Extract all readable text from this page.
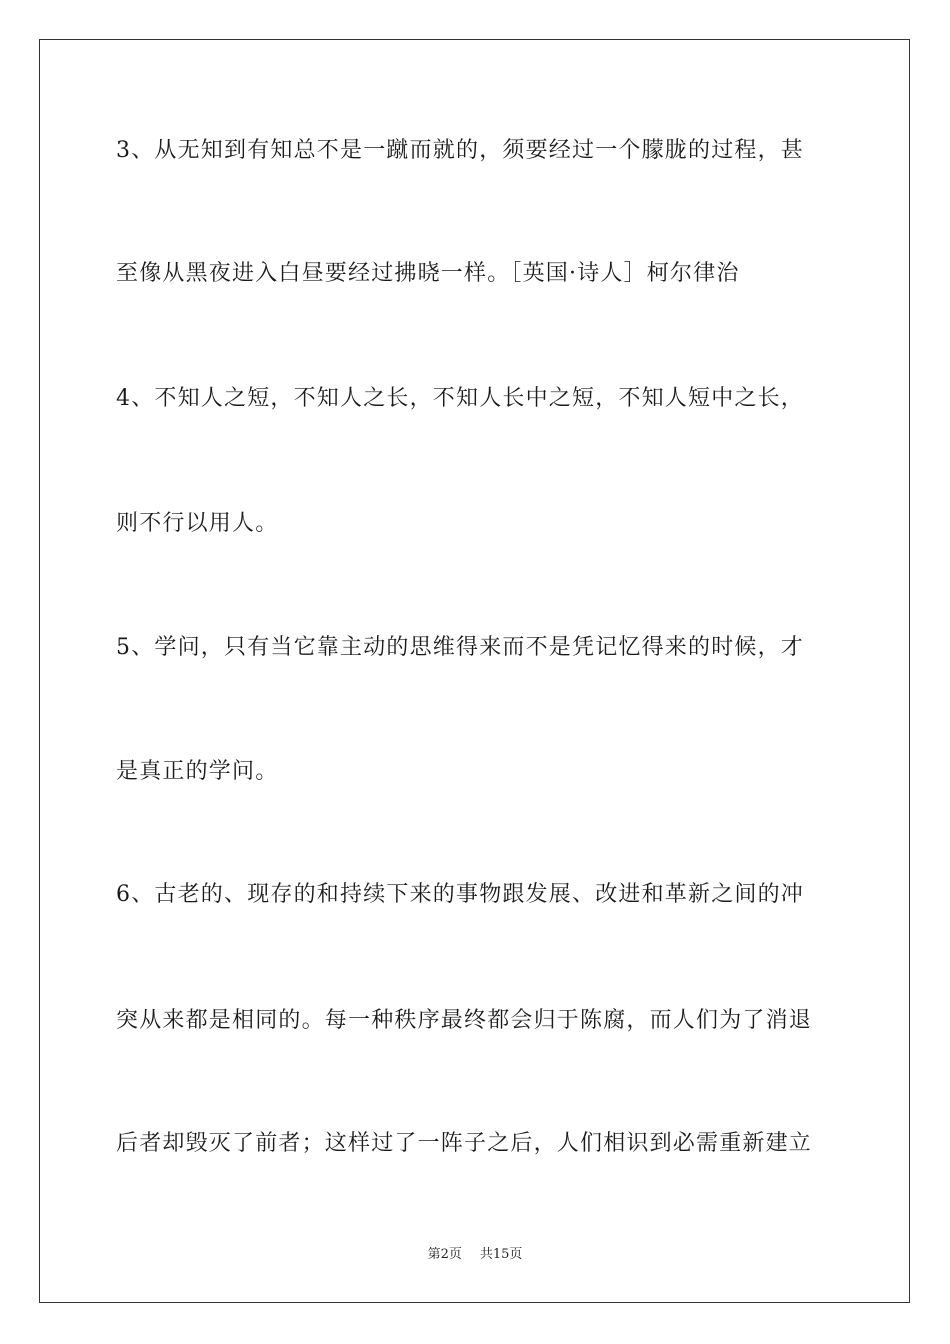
3、从无知到有知总不是一蹴而就的，须要经过一个朦胧的过程，甚
至像从黑夜进入白昼要经过拂晓一样。［英国·诗人］柯尔律治
4、不知人之短，不知人之长，不知人长中之短，不知人短中之长，
则不行以用人。
5、学问，只有当它靠主动的思维得来而不是凭记忆得来的时候，才
是真正的学问。
6、古老的、现存的和持续下来的事物跟发展、改进和革新之间的冲
突从来都是相同的。每一种秩序最终都会归于陈腐，而人们为了消退
后者却毁灭了前者；这样过了一阵子之后，人们相识到必需重新建立
第2页 共15页
